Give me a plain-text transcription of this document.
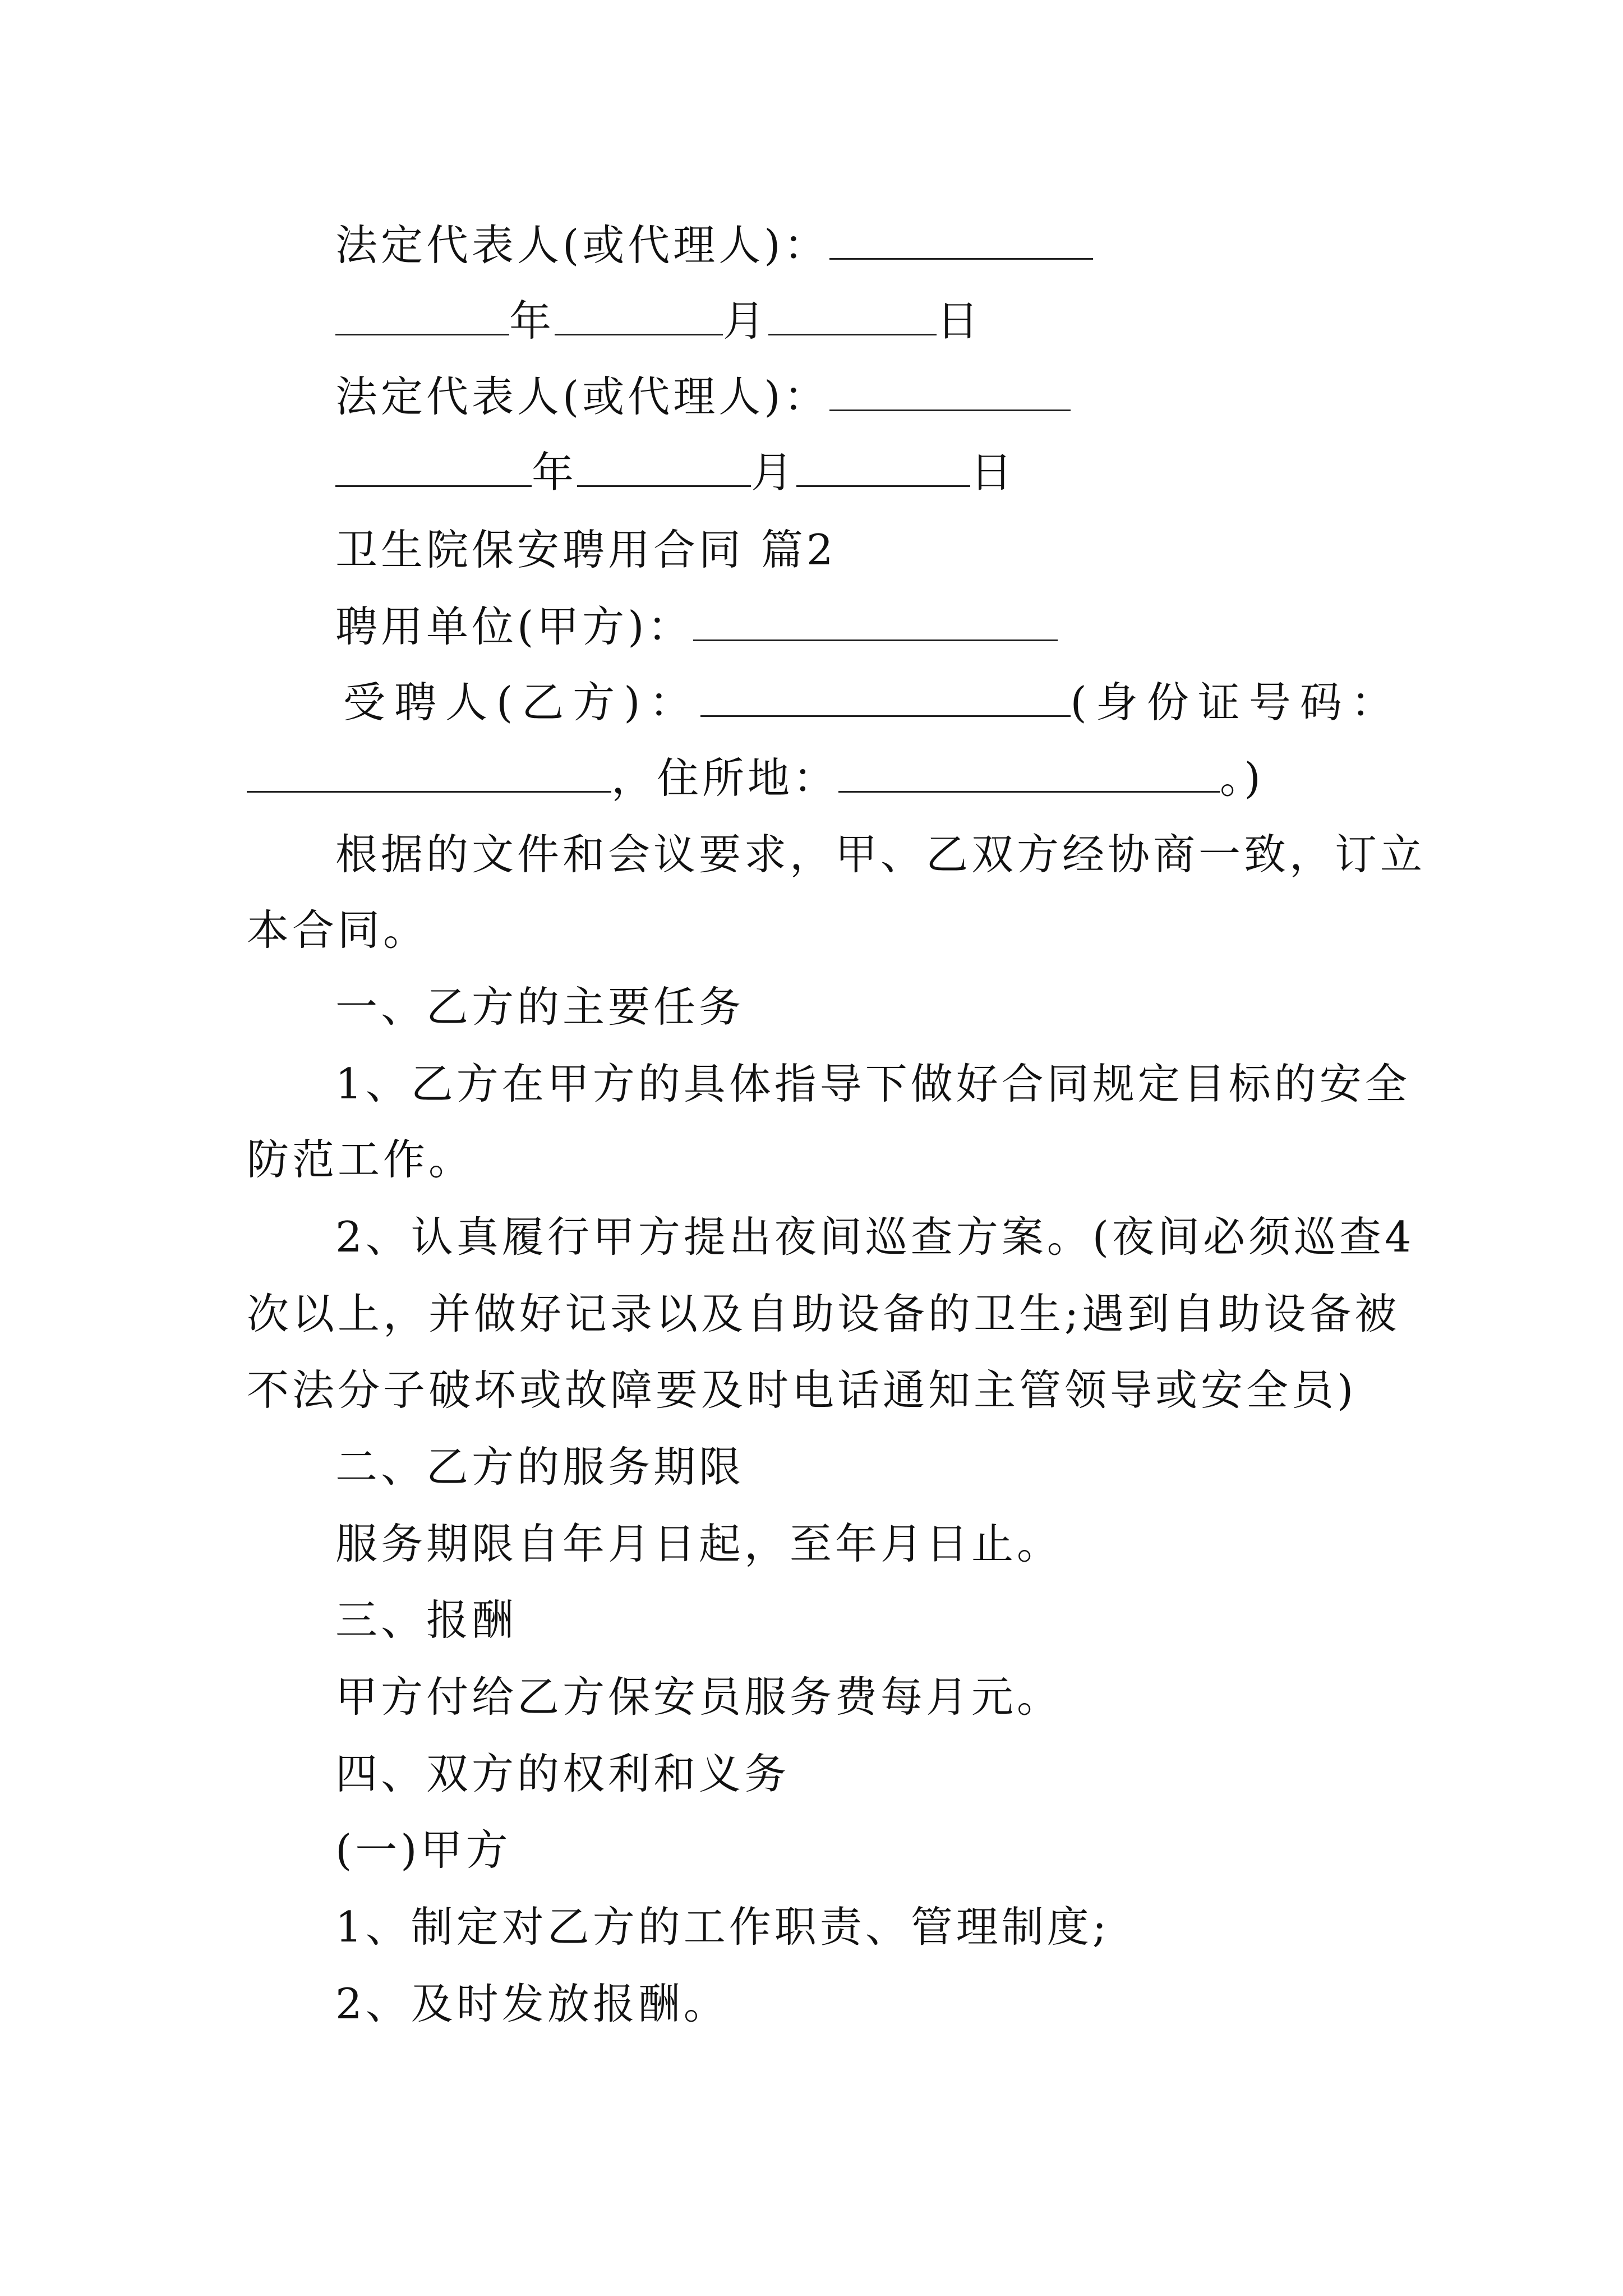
法定代表人(或代理人)：
年	月	日
法定代表人(或代理人)：
年	月	日
卫生院保安聘用合同 篇2
聘用单位(甲方)：
受聘人(乙方)：	(身份证号码：
，住所地：	。)
根据的文件和会议要求，甲、乙双方经协商一致，订立
本合同。
一、乙方的主要任务
1、乙方在甲方的具体指导下做好合同规定目标的安全
防范工作。
2、认真履行甲方提出夜间巡查方案。(夜间必须巡查4
次以上，并做好记录以及自助设备的卫生;遇到自助设备被
不法分子破坏或故障要及时电话通知主管领导或安全员)
二、乙方的服务期限
服务期限自年月日起，至年月日止。
三、报酬
甲方付给乙方保安员服务费每月元。
四、双方的权利和义务
(一)甲方
1、制定对乙方的工作职责、管理制度;
2、及时发放报酬。
